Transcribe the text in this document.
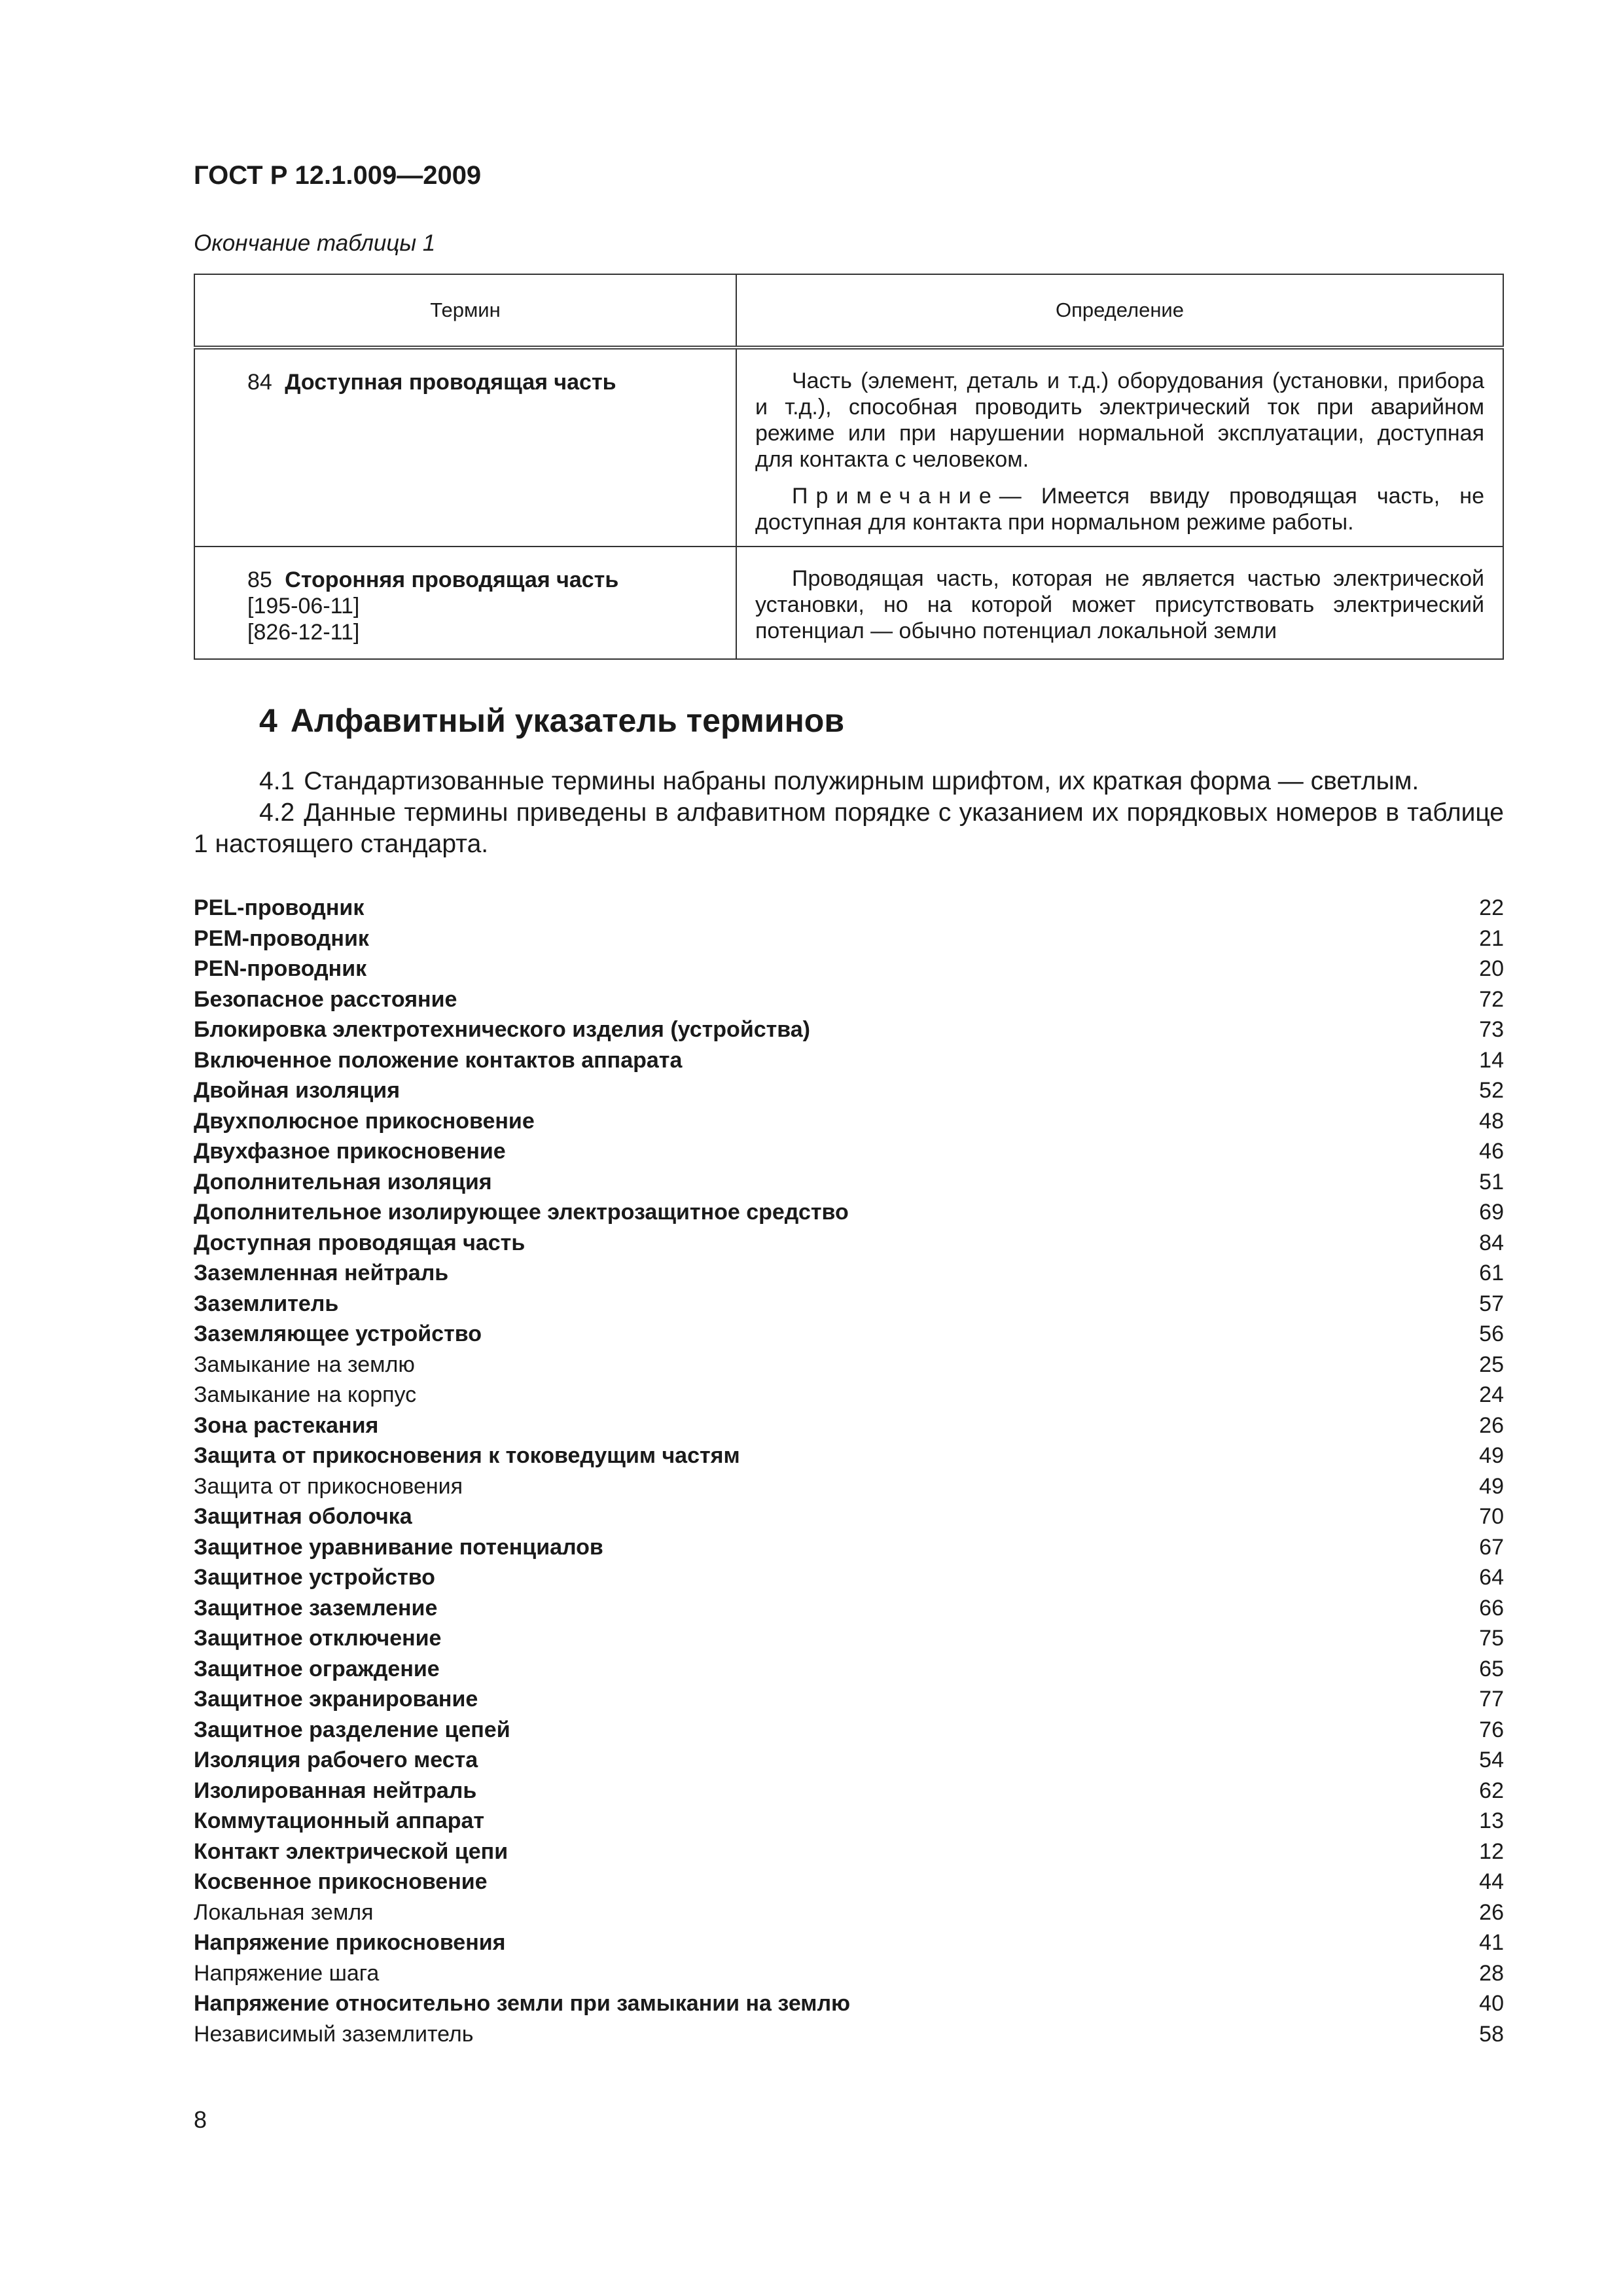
ГОСТ Р 12.1.009—2009
Окончание таблицы 1
Термин	Определение
84 Доступная проводящая часть	Часть (элемент, деталь и т.д.) оборудования (установки, прибора и т.д.), способная проводить электрический ток при аварийном режиме или при нарушении нормальной эксплуатации, доступная для контакта с человеком.

Примечание— Имеется ввиду проводящая часть, не доступная для контакта при нормальном режиме работы.

85 Сторонняя проводящая часть
[195-06-11]
[826-12-11]	Проводящая часть, которая не является частью электрической установки, но на которой может присутствовать электрический потенциал — обычно потенциал локальной земли

4 Алфавитный указатель терминов
4.1 Стандартизованные термины набраны полужирным шрифтом, их краткая форма — светлым.
4.2 Данные термины приведены в алфавитном порядке с указанием их порядковых номеров в таблице 1 настоящего стандарта.
PEL-проводник	22
PEM-проводник	21
PEN-проводник	20
Безопасное расстояние	72
Блокировка электротехнического изделия (устройства)	73
Включенное положение контактов аппарата	14
Двойная изоляция	52
Двухполюсное прикосновение	48
Двухфазное прикосновение	46
Дополнительная изоляция	51
Дополнительное изолирующее электрозащитное средство	69
Доступная проводящая часть	84
Заземленная нейтраль	61
Заземлитель	57
Заземляющее устройство	56
Замыкание на землю	25
Замыкание на корпус	24
Зона растекания	26
Защита от прикосновения к токоведущим частям	49
Защита от прикосновения	49
Защитная оболочка	70
Защитное уравнивание потенциалов	67
Защитное устройство	64
Защитное заземление	66
Защитное отключение	75
Защитное ограждение	65
Защитное экранирование	77
Защитное разделение цепей	76
Изоляция рабочего места	54
Изолированная нейтраль	62
Коммутационный аппарат	13
Контакт электрической цепи	12
Косвенное прикосновение	44
Локальная земля	26
Напряжение прикосновения	41
Напряжение шага	28
Напряжение относительно земли при замыкании на землю	40
Независимый заземлитель	58
8
